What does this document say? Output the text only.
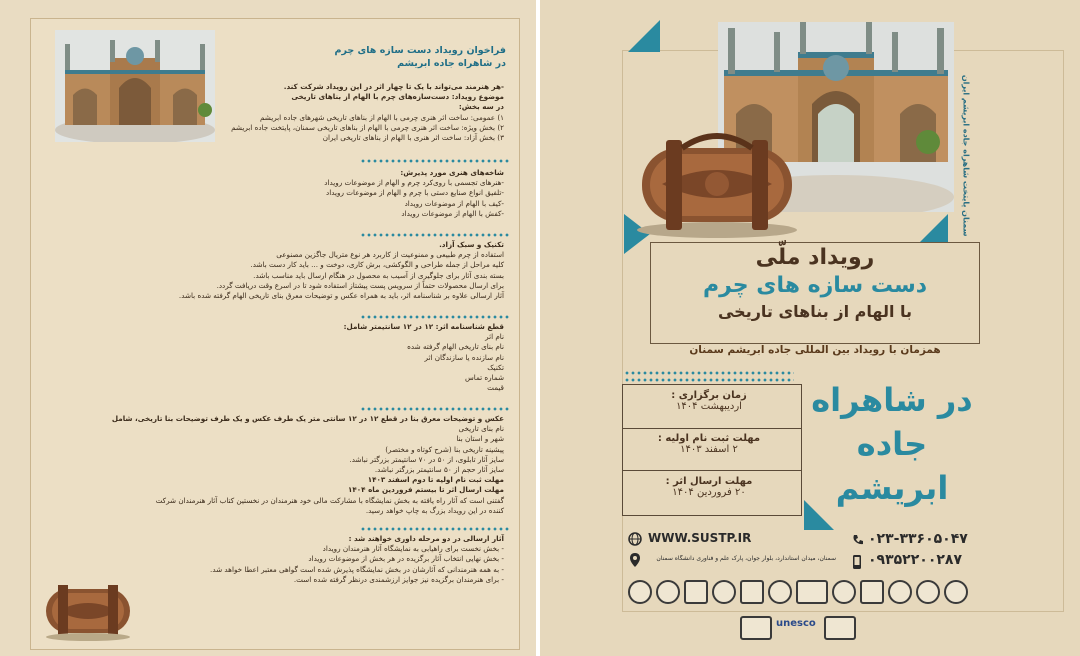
فراخوان رویداد دست سازه های چرم
در شاهراه جاده ابریشم
-هر هنرمند می‌تواند با یک تا چهار اثر در این رویداد شرکت کند.
موضوع رویداد: دست‌سازه‌های چرم با الهام از بناهای تاریخی
در سه بخش:
۱) عمومی: ساخت اثر هنری چرمی با الهام از بناهای تاریخی شهرهای جاده ابریشم
۲) بخش ویژه: ساخت اثر هنری چرمی با الهام از بناهای تاریخی سمنان، پایتخت جاده ابریشم
۳) بخش آزاد: ساخت اثر هنری با الهام از بناهای تاریخی ایران
شاخه‌های هنری مورد پذیرش:
-هنرهای تجسمی با روی‌کرد چرم و الهام از موضوعات رویداد
-تلفیق انواع صنایع دستی با چرم و الهام از موضوعات رویداد
-کیف با الهام از موضوعات رویداد
-کفش با الهام از موضوعات رویداد
تکنیک و سبک آزاد.
استفاده از چرم طبیعی و ممنوعیت از کاربرد هر نوع متریال جاگزین مصنوعی
کلیه مراحل از جمله طراحی و الگوکشی، برش کاری، دوخت و ... باید کار دست باشد.
بسته بندی آثار برای جلوگیری از آسیب به محصول در هنگام ارسال باید مناسب باشد.
برای ارسال محصولات حتماً از سرویس پست پیشتاز استفاده شود تا در اسرع وقت دریافت گردد.
آثار ارسالی علاوه بر شناسنامه اثر، باید به همراه عکس و توضیحات معرق بنای تاریخی الهام گرفته شده باشد.
قطع شناسنامه اثر: ۱۲ در ۱۲ سانتیمتر شامل:
نام اثر
نام بنای تاریخی الهام گرفته شده
نام سازنده یا سازندگان اثر
تکنیک
شماره تماس
قیمت
عکس و توضیحات معرق بنا در قطع ۱۲ در ۱۲ سانتی متر یک طرف عکس و یک طرف توضیحات بنا تاریخی، شامل
نام بنای تاریخی
شهر و استان بنا
پیشینه تاریخی بنا (شرح کوتاه و مختصر)
سایز آثار تابلوی، از ۵۰ در ۷۰ سانتیمتر بزرگتر نباشد.
سایز آثار حجم از ۵۰ سانتیمتر بزرگتر نباشد.
مهلت ثبت نام اولیه تا دوم اسفند ۱۴۰۳
مهلت ارسال اثر تا بیستم فروردین ماه ۱۴۰۴
گفتنی است که آثار راه یافته به بخش نمایشگاه با مشارکت مالی خود هنرمندان در نخستین کتاب آثار هنرمندان شرکت
کننده در این رویداد بزرگ به چاپ خواهد رسید.
آثار ارسالی در دو مرحله داوری خواهند شد :
- بخش نخست برای راهیابی به نمایشگاه آثار هنرمندان رویداد
- بخش نهایی انتخاب آثار برگزیده در هر بخش از موضوعات رویداد
- به همه هنرمندانی که آثارشان در بخش نمایشگاه پذیرش شده است گواهی معتبر اعطا خواهد شد.
- برای هنرمندان برگزیده نیز جوایز ارزشمندی درنظر گرفته شده است.
سمنان پایتخت شاهراه جاده ابریشم ایران
رویداد ملّی
دست سازه های چرم
با الهام از بناهای تاریخی
همزمان با رویداد بین المللی جاده ابریشم سمنان
زمان برگزاری :
اردیبهشت ۱۴۰۴
مهلت ثبت نام اولیه :
۲ اسفند ۱۴۰۳
مهلت ارسال اثر :
۲۰ فروردین ۱۴۰۴
در شاهراه
جاده
ابریشم
WWW.SUSTP.IR
سمنان، میدان استاندارد، بلوار جوان، پارک علم و فناوری دانشگاه سمنان
۰۲۳-۳۳۶۰۵۰۴۷
۰۹۳۵۲۲۰۰۲۸۷
unesco
